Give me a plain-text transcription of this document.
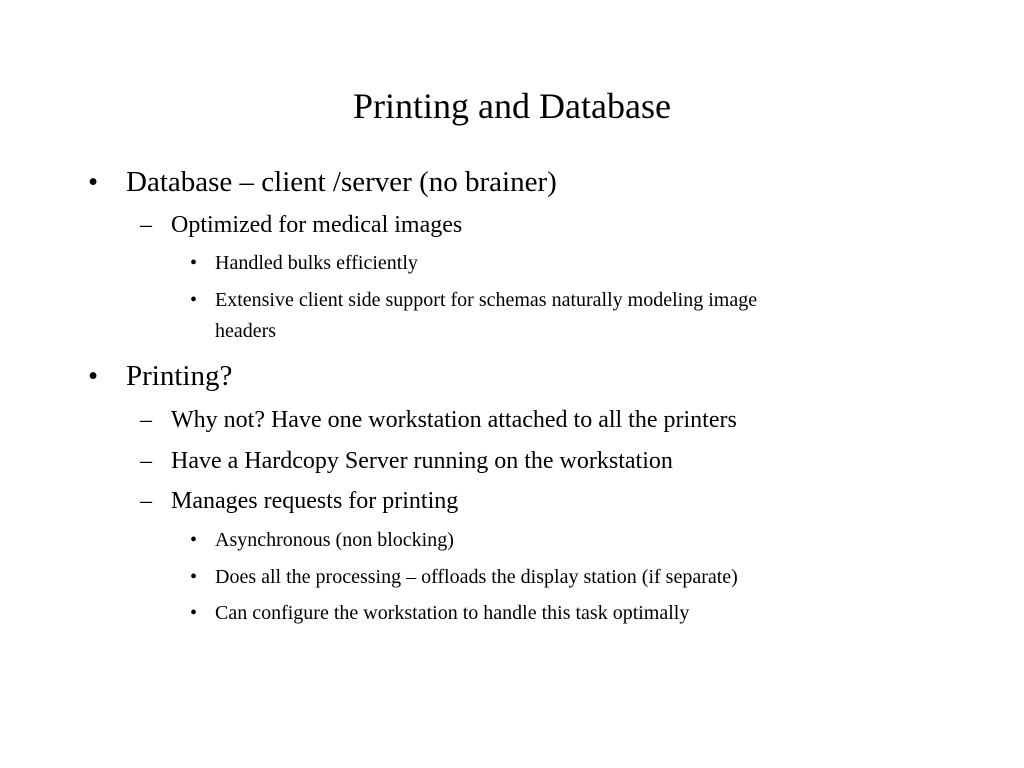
Printing and Database
• Database – client /server (no brainer)
– Optimized for medical images
• Handled bulks efficiently
• Extensive client side support for schemas naturally modeling image
headers
• Printing?
– Why not? Have one workstation attached to all the printers
– Have a Hardcopy Server running on the workstation
– Manages requests for printing
• Asynchronous (non blocking)
• Does all the processing – offloads the display station (if separate)
• Can configure the workstation to handle this task optimally
